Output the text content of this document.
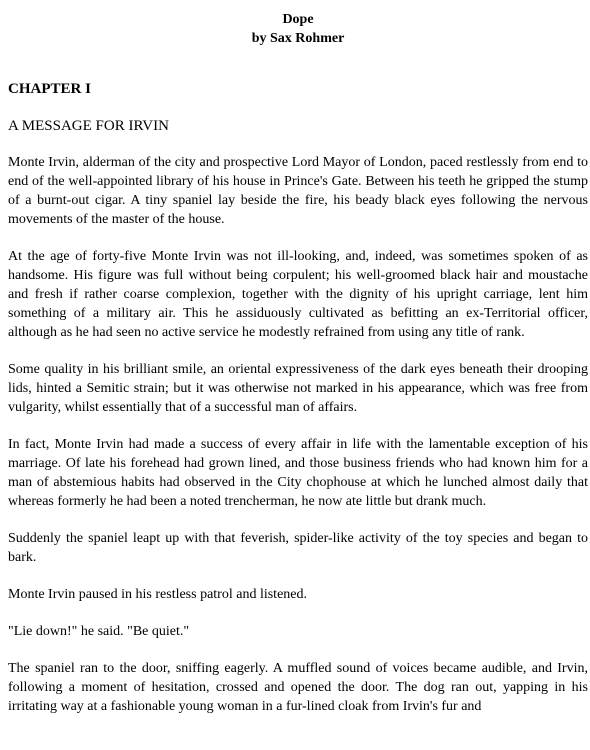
Dope
by Sax Rohmer
CHAPTER I
A MESSAGE FOR IRVIN

Monte Irvin, alderman of the city and prospective Lord Mayor of London, paced restlessly from end to end of the well-appointed library of his house in Prince's Gate. Between his teeth he gripped the stump of a burnt-out cigar. A tiny spaniel lay beside the fire, his beady black eyes following the nervous movements of the master of the house.

At the age of forty-five Monte Irvin was not ill-looking, and, indeed, was sometimes spoken of as handsome. His figure was full without being corpulent; his well-groomed black hair and moustache and fresh if rather coarse complexion, together with the dignity of his upright carriage, lent him something of a military air. This he assiduously cultivated as befitting an ex-Territorial officer, although as he had seen no active service he modestly refrained from using any title of rank.

Some quality in his brilliant smile, an oriental expressiveness of the dark eyes beneath their drooping lids, hinted a Semitic strain; but it was otherwise not marked in his appearance, which was free from vulgarity, whilst essentially that of a successful man of affairs.

In fact, Monte Irvin had made a success of every affair in life with the lamentable exception of his marriage. Of late his forehead had grown lined, and those business friends who had known him for a man of abstemious habits had observed in the City chophouse at which he lunched almost daily that whereas formerly he had been a noted trencherman, he now ate little but drank much.

Suddenly the spaniel leapt up with that feverish, spider-like activity of the toy species and began to bark.

Monte Irvin paused in his restless patrol and listened.

"Lie down!" he said. "Be quiet."

The spaniel ran to the door, sniffing eagerly. A muffled sound of voices became audible, and Irvin, following a moment of hesitation, crossed and opened the door. The dog ran out, yapping in his irritating way at a fashionable young woman in a fur-lined cloak from Irvin's fur and
